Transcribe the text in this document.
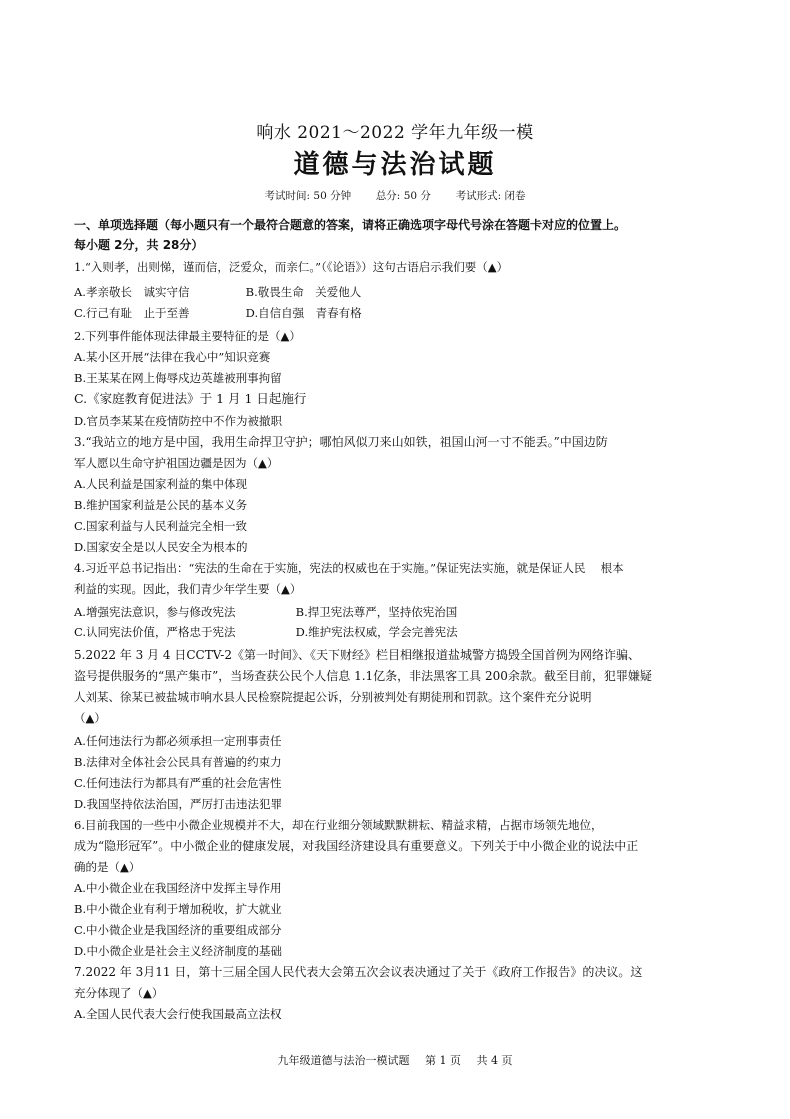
响水 2021～2022 学年九年级一模
道德与法治试题
考试时间: 50 分钟 总分: 50 分 考试形式: 闭卷
一、单项选择题（每小题只有一个最符合题意的答案，请将正确选项字母代号涂在答题卡对应的位置上。
每小题 2分，共 28分）
1.“入则孝，出则悌，谨而信，泛爱众，而亲仁。”（《论语》）这句古语启示我们要（▲）
A.孝亲敬长　诚实守信	B.敬畏生命　关爱他人
C.行己有耻　止于至善	D.自信自强　青春有格
2.下列事件能体现法律最主要特征的是（▲）
A.某小区开展“法律在我心中”知识竞赛
B.王某某在网上侮辱戍边英雄被刑事拘留
C.《家庭教育促进法》于 1 月 1 日起施行
D.官员李某某在疫情防控中不作为被撤职
3.“我站立的地方是中国，我用生命捍卫守护；哪怕风似刀来山如铁，祖国山河一寸不能丢。”中国边防
军人愿以生命守护祖国边疆是因为（▲）
A.人民利益是国家利益的集中体现
B.维护国家利益是公民的基本义务
C.国家利益与人民利益完全相一致
D.国家安全是以人民安全为根本的
4.习近平总书记指出：“宪法的生命在于实施，宪法的权威也在于实施。”保证宪法实施，就是保证人民　 根本
利益的实现。因此，我们青少年学生要（▲）
A.增强宪法意识，参与修改宪法	B.捍卫宪法尊严，坚持依宪治国
C.认同宪法价值，严格忠于宪法	D.维护宪法权威，学会完善宪法
5.2022 年 3 月 4 日CCTV-2《第一时间》、《天下财经》栏目相继报道盐城警方捣毁全国首例为网络诈骗、
盗号提供服务的“黑产集市”，当场查获公民个人信息 1.1亿条，非法黑客工具 200余款。截至目前，犯罪嫌疑
人刘某、徐某已被盐城市响水县人民检察院提起公诉，分别被判处有期徒刑和罚款。这个案件充分说明
（▲）
A.任何违法行为都必须承担一定刑事责任
B.法律对全体社会公民具有普遍的约束力
C.任何违法行为都具有严重的社会危害性
D.我国坚持依法治国，严厉打击违法犯罪
6.目前我国的一些中小微企业规模并不大，却在行业细分领域默默耕耘、精益求精，占据市场领先地位，
成为“隐形冠军”。中小微企业的健康发展，对我国经济建设具有重要意义。下列关于中小微企业的说法中正
确的是（▲）
A.中小微企业在我国经济中发挥主导作用
B.中小微企业有利于增加税收，扩大就业
C.中小微企业是我国经济的重要组成部分
D.中小微企业是社会主义经济制度的基础
7.2022 年 3月11 日，第十三届全国人民代表大会第五次会议表决通过了关于《政府工作报告》的决议。这
充分体现了（▲）
A.全国人民代表大会行使我国最高立法权
九年级道德与法治一模试题 第 1 页 共 4 页
